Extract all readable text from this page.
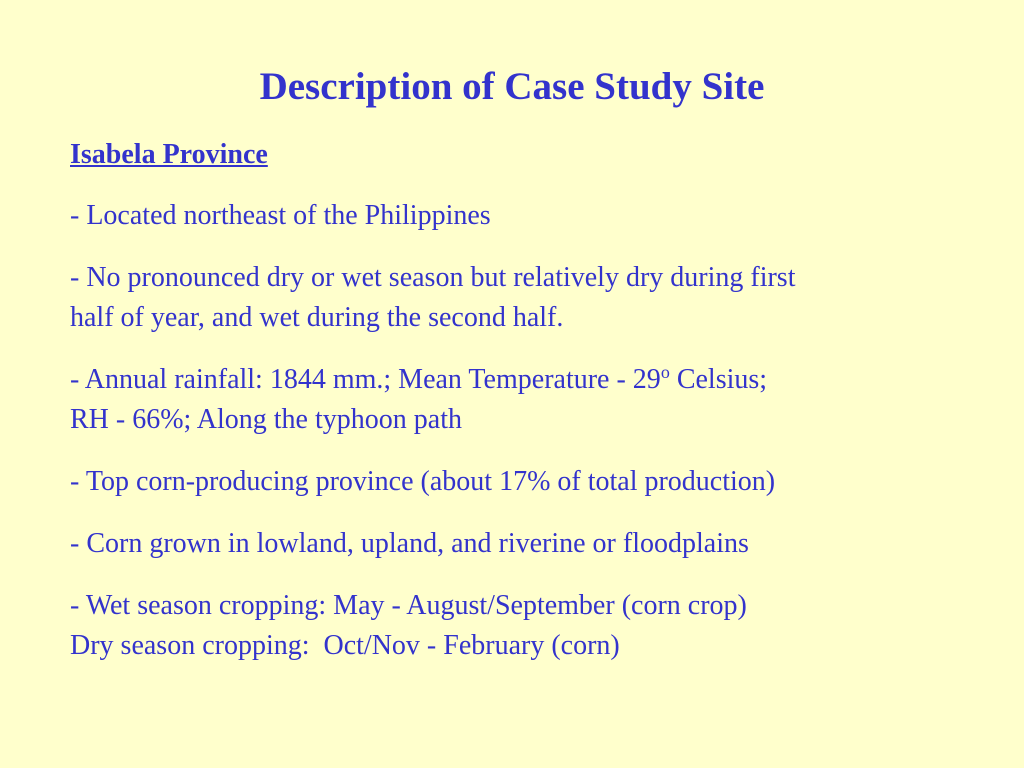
Description of Case Study Site
Isabela Province
- Located northeast of the Philippines
- No pronounced dry or wet season but relatively dry during first
half of year, and wet during the second half.
- Annual rainfall: 1844 mm.; Mean Temperature - 29$^o$ Celsius;
RH - 66%; Along the typhoon path
- Top corn-producing province (about 17% of total production)
- Corn grown in lowland, upland, and riverine or floodplains
- Wet season cropping: May - August/September (corn crop)
Dry season cropping:  Oct/Nov - February (corn)
